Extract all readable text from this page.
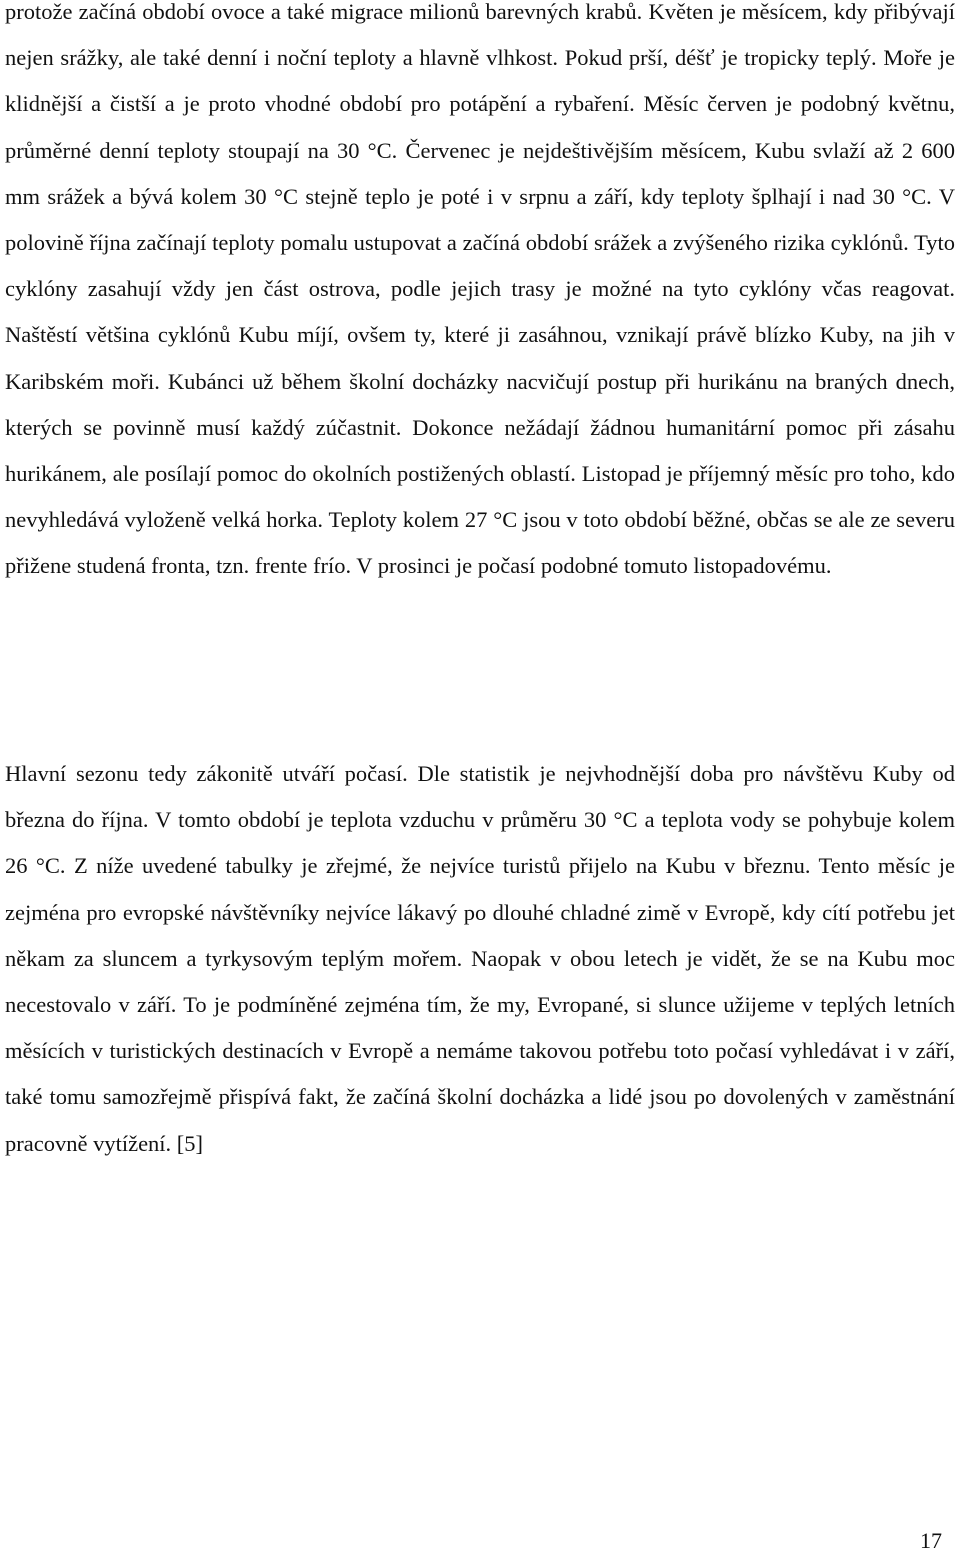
protože začíná období ovoce a také migrace milionů barevných krabů. Květen je měsícem, kdy přibývají nejen srážky, ale také denní i noční teploty a hlavně vlhkost. Pokud prší, déšť je tropicky teplý. Moře je klidnější a čistší a je proto vhodné období pro potápění a rybaření. Měsíc červen je podobný květnu, průměrné denní teploty stoupají na 30 °C. Červenec je nejdeštivějším měsícem, Kubu svlaží až 2 600 mm srážek a bývá kolem 30 °C stejně teplo je poté i v srpnu a září, kdy teploty šplhají i nad 30 °C. V polovině října začínají teploty pomalu ustupovat a začíná období srážek a zvýšeného rizika cyklónů. Tyto cyklóny zasahují vždy jen část ostrova, podle jejich trasy je možné na tyto cyklóny včas reagovat. Naštěstí většina cyklónů Kubu míjí, ovšem ty, které ji zasáhnou, vznikají právě blízko Kuby, na jih v Karibském moři. Kubánci už během školní docházky nacvičují postup při hurikánu na braných dnech, kterých se povinně musí každý zúčastnit. Dokonce nežádají žádnou humanitární pomoc při zásahu hurikánem, ale posílají pomoc do okolních postižených oblastí. Listopad je příjemný měsíc pro toho, kdo nevyhledává vyloženě velká horka. Teploty kolem 27 °C jsou v toto období běžné, občas se ale ze severu přižene studená fronta, tzn. frente frío. V prosinci je počasí podobné tomuto listopadovému.

Hlavní sezonu tedy zákonitě utváří počasí. Dle statistik je nejvhodnější doba pro návštěvu Kuby od března do října. V tomto období je teplota vzduchu v průměru 30 °C a teplota vody se pohybuje kolem 26 °C. Z níže uvedené tabulky je zřejmé, že nejvíce turistů přijelo na Kubu v březnu. Tento měsíc je zejména pro evropské návštěvníky nejvíce lákavý po dlouhé chladné zimě v Evropě, kdy cítí potřebu jet někam za sluncem a tyrkysovým teplým mořem. Naopak v obou letech je vidět, že se na Kubu moc necestovalo v září. To je podmíněné zejména tím, že my, Evropané, si slunce užijeme v teplých letních měsících v turistických destinacích v Evropě a nemáme takovou potřebu toto počasí vyhledávat i v září, také tomu samozřejmě přispívá fakt, že začíná školní docházka a lidé jsou po dovolených v zaměstnání pracovně vytížení. [5]

17
